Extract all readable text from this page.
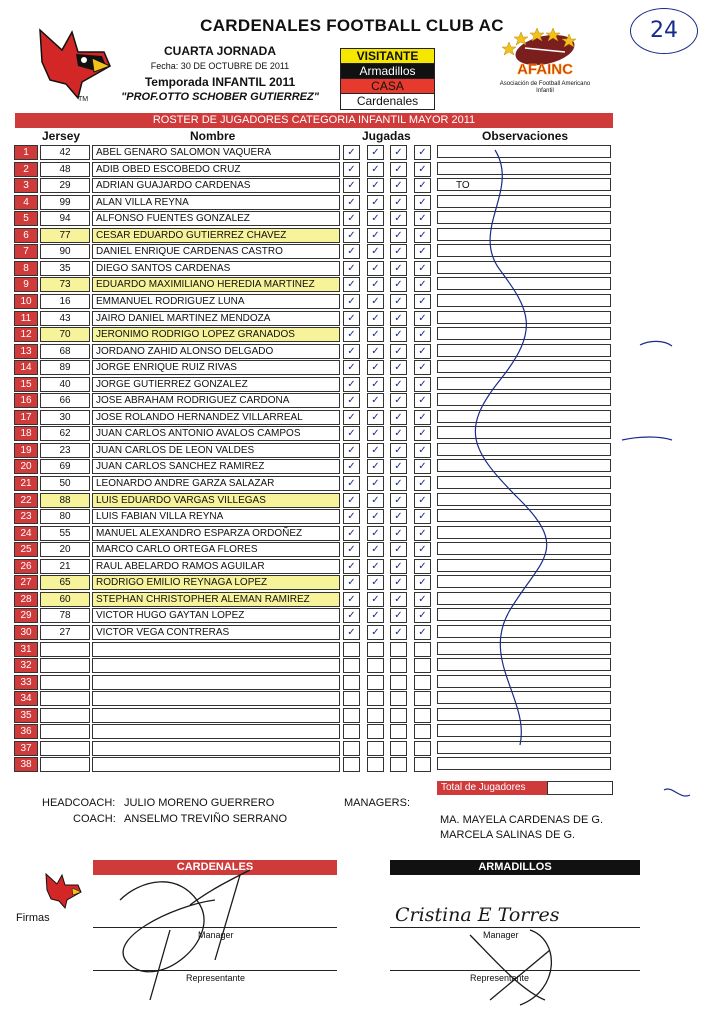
CARDENALES FOOTBALL CLUB AC
TM
CUARTA JORNADA
Fecha: 30 DE OCTUBRE DE 2011
Temporada INFANTIL 2011
"PROF.OTTO SCHOBER GUTIERREZ"
VISITANTE
Armadillos
CASA
Cardenales
AFAINC
Asociación de Football Americano Infantil
24
ROSTER DE JUGADORES CATEGORIA INFANTIL MAYOR 2011
Jersey	Nombre	Jugadas	Observaciones
1	42	ABEL GENARO SALOMON VAQUERA	✓	✓	✓	✓
2	48	ADIB OBED ESCOBEDO CRUZ	✓	✓	✓	✓
3	29	ADRIAN GUAJARDO CARDENAS	✓	✓	✓	✓	TO
4	99	ALAN VILLA REYNA	✓	✓	✓	✓
5	94	ALFONSO FUENTES GONZALEZ	✓	✓	✓	✓
6	77	CESAR EDUARDO GUTIERREZ CHAVEZ	✓	✓	✓	✓
7	90	DANIEL ENRIQUE CARDENAS CASTRO	✓	✓	✓	✓
8	35	DIEGO SANTOS CARDENAS	✓	✓	✓	✓
9	73	EDUARDO MAXIMILIANO HEREDIA MARTINEZ	✓	✓	✓	✓
10	16	EMMANUEL RODRIGUEZ LUNA	✓	✓	✓	✓
11	43	JAIRO DANIEL MARTINEZ MENDOZA	✓	✓	✓	✓
12	70	JERONIMO RODRIGO LOPEZ GRANADOS	✓	✓	✓	✓
13	68	JORDANO ZAHID ALONSO DELGADO	✓	✓	✓	✓
14	89	JORGE ENRIQUE RUIZ RIVAS	✓	✓	✓	✓
15	40	JORGE GUTIERREZ GONZALEZ	✓	✓	✓	✓
16	66	JOSE ABRAHAM RODRIGUEZ CARDONA	✓	✓	✓	✓
17	30	JOSE ROLANDO HERNANDEZ VILLARREAL	✓	✓	✓	✓
18	62	JUAN CARLOS ANTONIO AVALOS CAMPOS	✓	✓	✓	✓
19	23	JUAN CARLOS DE LEON VALDES	✓	✓	✓	✓
20	69	JUAN CARLOS SANCHEZ RAMIREZ	✓	✓	✓	✓
21	50	LEONARDO ANDRE GARZA SALAZAR	✓	✓	✓	✓
22	88	LUIS EDUARDO VARGAS VILLEGAS	✓	✓	✓	✓
23	80	LUIS FABIAN VILLA REYNA	✓	✓	✓	✓
24	55	MANUEL ALEXANDRO ESPARZA ORDOÑEZ	✓	✓	✓	✓
25	20	MARCO CARLO ORTEGA FLORES	✓	✓	✓	✓
26	21	RAUL ABELARDO RAMOS AGUILAR	✓	✓	✓	✓
27	65	RODRIGO EMILIO REYNAGA LOPEZ	✓	✓	✓	✓
28	60	STEPHAN CHRISTOPHER ALEMAN RAMIREZ	✓	✓	✓	✓
29	78	VICTOR HUGO GAYTAN LOPEZ	✓	✓	✓	✓
30	27	VICTOR VEGA CONTRERAS	✓	✓	✓	✓
31
32
33
34
35
36
37
38
Total de Jugadores
HEADCOACH: JULIO MORENO GUERRERO
COACH: ANSELMO TREVIÑO SERRANO
MANAGERS:
MA. MAYELA CARDENAS DE G.
MARCELA SALINAS DE G.
Firmas
CARDENALES	ARMADILLOS
Manager
Representante
Manager
Representante
Cristina E Torres
